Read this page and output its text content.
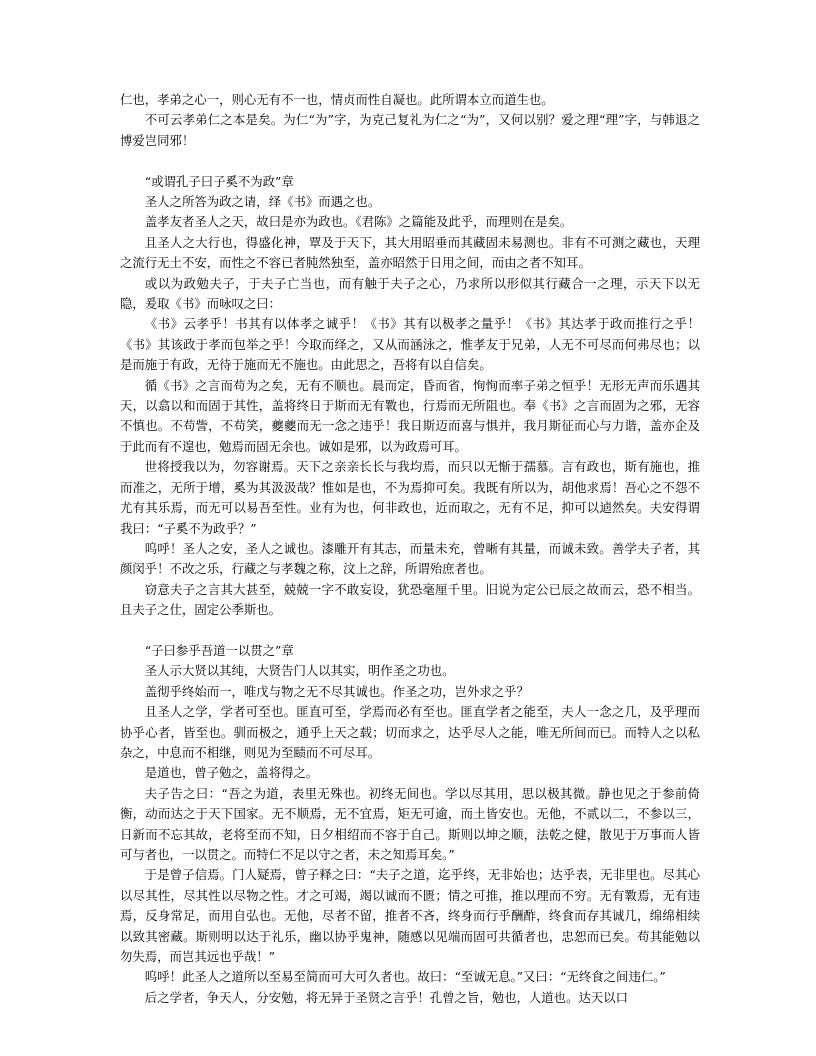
仁也，孝弟之心一，则心无有不一也，情贞而性自凝也。此所谓本立而道生也。

不可云孝弟仁之本是矣。为仁“为”字，为克己复礼为仁之“为”，又何以别？爱之理“理”字，与韩退之博爱岂同邪！

“或谓孔子曰子奚不为政”章

圣人之所答为政之请，绎《书》而遇之也。

盖孝友者圣人之天，故曰是亦为政也。《君陈》之篇能及此乎，而理则在是矣。

且圣人之大行也，得盛化神，覃及于天下，其大用昭垂而其藏固未易测也。非有不可测之藏也，天理之流行无土不安，而性之不容已者肫然独至，盖亦昭然于日用之间，而由之者不知耳。

或以为政勉夫子，于夫子亡当也，而有触于夫子之心，乃求所以形似其行藏合一之理，示天下以无隐，爰取《书》而咏叹之曰：

《书》云孝乎！书其有以体孝之诚乎！《书》其有以极孝之量乎！《书》其达孝于政而推行之乎！《书》其该政于孝而包举之乎！今取而绎之，又从而涵泳之，惟孝友于兄弟，人无不可尽而何弗尽也；以是而施于有政，无待于施而无不施也。由此思之，吾将有以自信矣。

循《书》之言而苟为之矣，无有不顺也。晨而定，昏而省，恂恂而率子弟之恒乎！无形无声而乐遇其天，以翕以和而固于其性，盖将终日于斯而无有斁也，行焉而无所阻也。奉《书》之言而固为之邪，无容不慎也。不苟訾，不苟笑，夔夔而无一念之违乎！我日斯迈而喜与惧并，我月斯征而心与力谐，盖亦企及于此而有不遑也，勉焉而固无余也。诚如是邪，以为政焉可耳。

世将授我以为，勿容谢焉。天下之亲亲长长与我均焉，而只以无惭于孺慕。言有政也，斯有施也，推而准之，无所于增，奚为其汲汲哉？惟如是也，不为焉抑可矣。我既有所以为，胡他求焉！吾心之不怨不尤有其乐焉，而无可以易吾至性。业有为也，何非政也，近而取之，无有不足，抑可以逌然矣。夫安得谓我曰：“子奚不为政乎？”

呜呼！圣人之安，圣人之诚也。漆雕开有其志，而量未充，曾晰有其量，而诚未致。善学夫子者，其颜闵乎！不改之乐，行藏之与孝魏之称，汶上之辞，所谓殆庶者也。

窃意夫子之言其大甚至，兢兢一字不敢妄设，犹恐毫厘千里。旧说为定公已辰之故而云，恐不相当。且夫子之仕，固定公季斯也。

“子曰参乎吾道一以贯之”章

圣人示大贤以其纯，大贤告门人以其实，明作圣之功也。

盖彻乎终始而一，唯戊与物之无不尽其诚也。作圣之功，岂外求之乎？

且圣人之学，学者可至也。匪直可至，学焉而必有至也。匪直学者之能至，夫人一念之几，及乎理而协乎心者，皆至也。驯而极之，通乎上天之载；切而求之，达乎尽人之能，唯无所间而已。而特人之以私杂之，中息而不相继，则见为至赜而不可尽耳。

是道也，曾子勉之，盖将得之。

夫子告之曰：“吾之为道，表里无殊也。初终无间也。学以尽其用，思以极其微。静也见之于参前倚衡，动而达之于天下国家。无不顺焉，无不宜焉，矩无可逾，而土皆安也。无他，不贰以二，不参以三，日新而不忘其故，老将至而不知，日夕相绍而不容于自己。斯则以坤之顺，法乾之健，散见于万事而人皆可与者也，一以贯之。而特仁不足以守之者，未之知焉耳矣。”

于是曾子信焉。门人疑焉，曾子释之曰：“夫子之道，迄乎终，无非始也；达乎表，无非里也。尽其心以尽其性，尽其性以尽物之性。才之可竭，竭以诚而不匮；情之可推，推以理而不穷。无有斁焉，无有违焉，反身常足，而用自弘也。无他，尽者不留，推者不吝，终身而行乎酬酢，终食而存其诚几，绵绵相续以致其密藏。斯则明以达于礼乐，幽以协乎鬼神，随感以见端而固可共循者也，忠恕而已矣。苟其能勉以勿失焉，而岂其远也乎哉！”

呜呼！此圣人之道所以至易至简而可大可久者也。故曰：“至诚无息。”又曰：“无终食之间违仁。”

后之学者，争天人，分安勉，将无异于圣贤之言乎！孔曾之旨，勉也，人道也。达天以口
